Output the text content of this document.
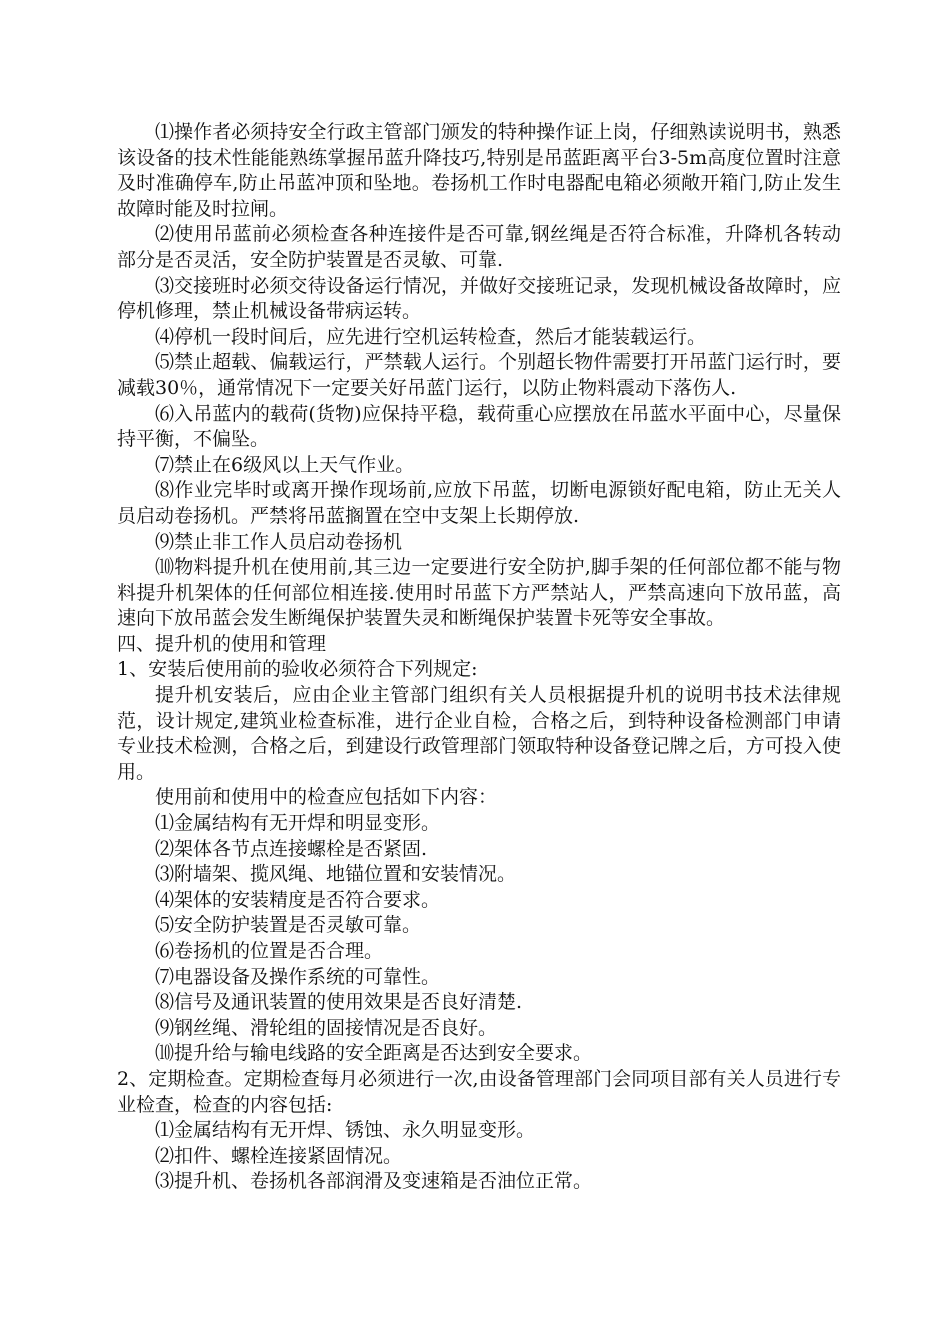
⑴操作者必须持安全行政主管部门颁发的特种操作证上岗，仔细熟读说明书，熟悉该设备的技术性能能熟练掌握吊蓝升降技巧,特别是吊蓝距离平台3-5m高度位置时注意及时准确停车,防止吊蓝冲顶和坠地。卷扬机工作时电器配电箱必须敞开箱门,防止发生故障时能及时拉闸。

⑵使用吊蓝前必须检查各种连接件是否可靠,钢丝绳是否符合标准，升降机各转动部分是否灵活，安全防护装置是否灵敏、可靠.

⑶交接班时必须交待设备运行情况，并做好交接班记录，发现机械设备故障时，应停机修理，禁止机械设备带病运转。

⑷停机一段时间后，应先进行空机运转检查，然后才能装载运行。

⑸禁止超载、偏载运行，严禁载人运行。个别超长物件需要打开吊蓝门运行时，要减载30％，通常情况下一定要关好吊蓝门运行，以防止物料震动下落伤人.

⑹入吊蓝内的载荷(货物)应保持平稳，载荷重心应摆放在吊蓝水平面中心，尽量保持平衡，不偏坠。

⑺禁止在6级风以上天气作业。

⑻作业完毕时或离开操作现场前,应放下吊蓝，切断电源锁好配电箱，防止无关人员启动卷扬机。严禁将吊蓝搁置在空中支架上长期停放.

⑼禁止非工作人员启动卷扬机

⑽物料提升机在使用前,其三边一定要进行安全防护,脚手架的任何部位都不能与物料提升机架体的任何部位相连接.使用时吊蓝下方严禁站人，严禁高速向下放吊蓝，高速向下放吊蓝会发生断绳保护装置失灵和断绳保护装置卡死等安全事故。

四、提升机的使用和管理

1、安装后使用前的验收必须符合下列规定:

提升机安装后，应由企业主管部门组织有关人员根据提升机的说明书技术法律规范，设计规定,建筑业检查标准，进行企业自检，合格之后，到特种设备检测部门申请专业技术检测，合格之后，到建设行政管理部门领取特种设备登记牌之后，方可投入使用。

使用前和使用中的检查应包括如下内容：

⑴金属结构有无开焊和明显变形。

⑵架体各节点连接螺栓是否紧固.

⑶附墙架、揽风绳、地锚位置和安装情况。

⑷架体的安装精度是否符合要求。

⑸安全防护装置是否灵敏可靠。

⑹卷扬机的位置是否合理。

⑺电器设备及操作系统的可靠性。

⑻信号及通讯装置的使用效果是否良好清楚.

⑼钢丝绳、滑轮组的固接情况是否良好。

⑽提升给与输电线路的安全距离是否达到安全要求。

2、定期检查。定期检查每月必须进行一次,由设备管理部门会同项目部有关人员进行专业检查，检查的内容包括:

⑴金属结构有无开焊、锈蚀、永久明显变形。

⑵扣件、螺栓连接紧固情况。

⑶提升机、卷扬机各部润滑及变速箱是否油位正常。
